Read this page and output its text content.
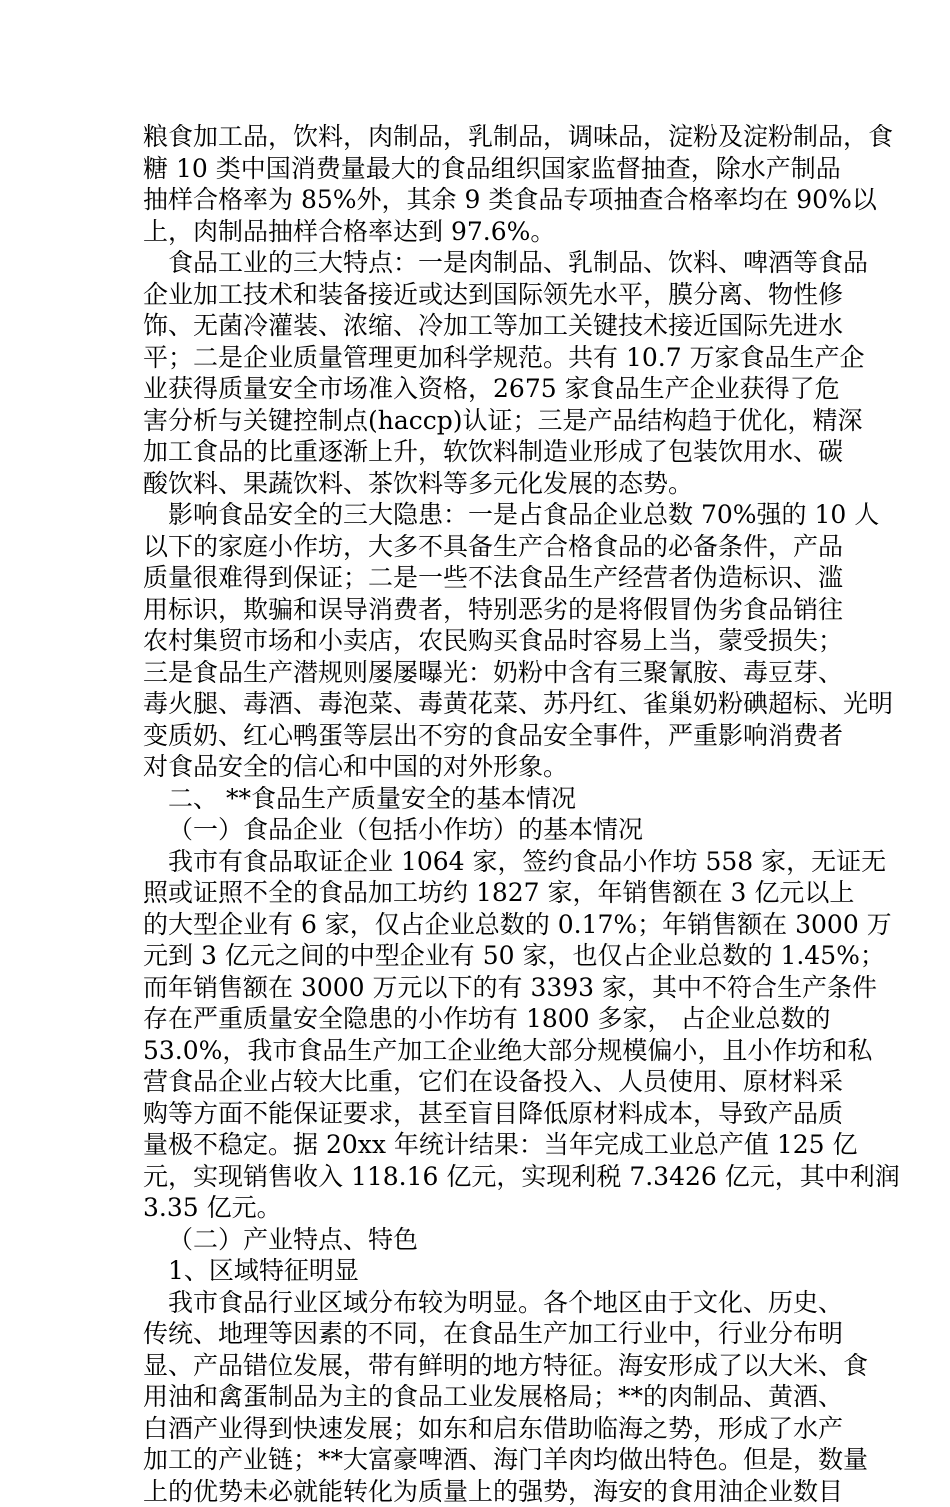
粮食加工品，饮料，肉制品，乳制品，调味品，淀粉及淀粉制品，食
糖 10 类中国消费量最大的食品组织国家监督抽查，除水产制品
抽样合格率为 85%外，其余 9 类食品专项抽查合格率均在 90%以
上，肉制品抽样合格率达到 97.6%。
食品工业的三大特点：一是肉制品、乳制品、饮料、啤酒等食品
企业加工技术和装备接近或达到国际领先水平，膜分离、物性修
饰、无菌冷灌装、浓缩、冷加工等加工关键技术接近国际先进水
平；二是企业质量管理更加科学规范。共有 10.7 万家食品生产企
业获得质量安全市场准入资格，2675 家食品生产企业获得了危
害分析与关键控制点(haccp)认证；三是产品结构趋于优化，精深
加工食品的比重逐渐上升，软饮料制造业形成了包装饮用水、碳
酸饮料、果蔬饮料、茶饮料等多元化发展的态势。
影响食品安全的三大隐患：一是占食品企业总数 70%强的 10 人
以下的家庭小作坊，大多不具备生产合格食品的必备条件，产品
质量很难得到保证；二是一些不法食品生产经营者伪造标识、滥
用标识，欺骗和误导消费者，特别恶劣的是将假冒伪劣食品销往
农村集贸市场和小卖店，农民购买食品时容易上当，蒙受损失；
三是食品生产潜规则屡屡曝光：奶粉中含有三聚氰胺、毒豆芽、
毒火腿、毒酒、毒泡菜、毒黄花菜、苏丹红、雀巢奶粉碘超标、光明
变质奶、红心鸭蛋等层出不穷的食品安全事件，严重影响消费者
对食品安全的信心和中国的对外形象。
二、 **食品生产质量安全的基本情况
（一）食品企业（包括小作坊）的基本情况
我市有食品取证企业 1064 家，签约食品小作坊 558 家，无证无
照或证照不全的食品加工坊约 1827 家，年销售额在 3 亿元以上
的大型企业有 6 家，仅占企业总数的 0.17%；年销售额在 3000 万
元到 3 亿元之间的中型企业有 50 家，也仅占企业总数的 1.45%；
而年销售额在 3000 万元以下的有 3393 家，其中不符合生产条件
存在严重质量安全隐患的小作坊有 1800 多家， 占企业总数的
53.0%，我市食品生产加工企业绝大部分规模偏小，且小作坊和私
营食品企业占较大比重，它们在设备投入、人员使用、原材料采
购等方面不能保证要求，甚至盲目降低原材料成本，导致产品质
量极不稳定。据 20xx 年统计结果：当年完成工业总产值 125 亿
元，实现销售收入 118.16 亿元，实现利税 7.3426 亿元，其中利润
3.35 亿元。
（二）产业特点、特色
1、区域特征明显
我市食品行业区域分布较为明显。各个地区由于文化、历史、
传统、地理等因素的不同，在食品生产加工行业中，行业分布明
显、产品错位发展，带有鲜明的地方特征。海安形成了以大米、食
用油和禽蛋制品为主的食品工业发展格局；**的肉制品、黄酒、
白酒产业得到快速发展；如东和启东借助临海之势，形成了水产
加工的产业链；**大富豪啤酒、海门羊肉均做出特色。但是，数量
上的优势未必就能转化为质量上的强势，海安的食用油企业数目
